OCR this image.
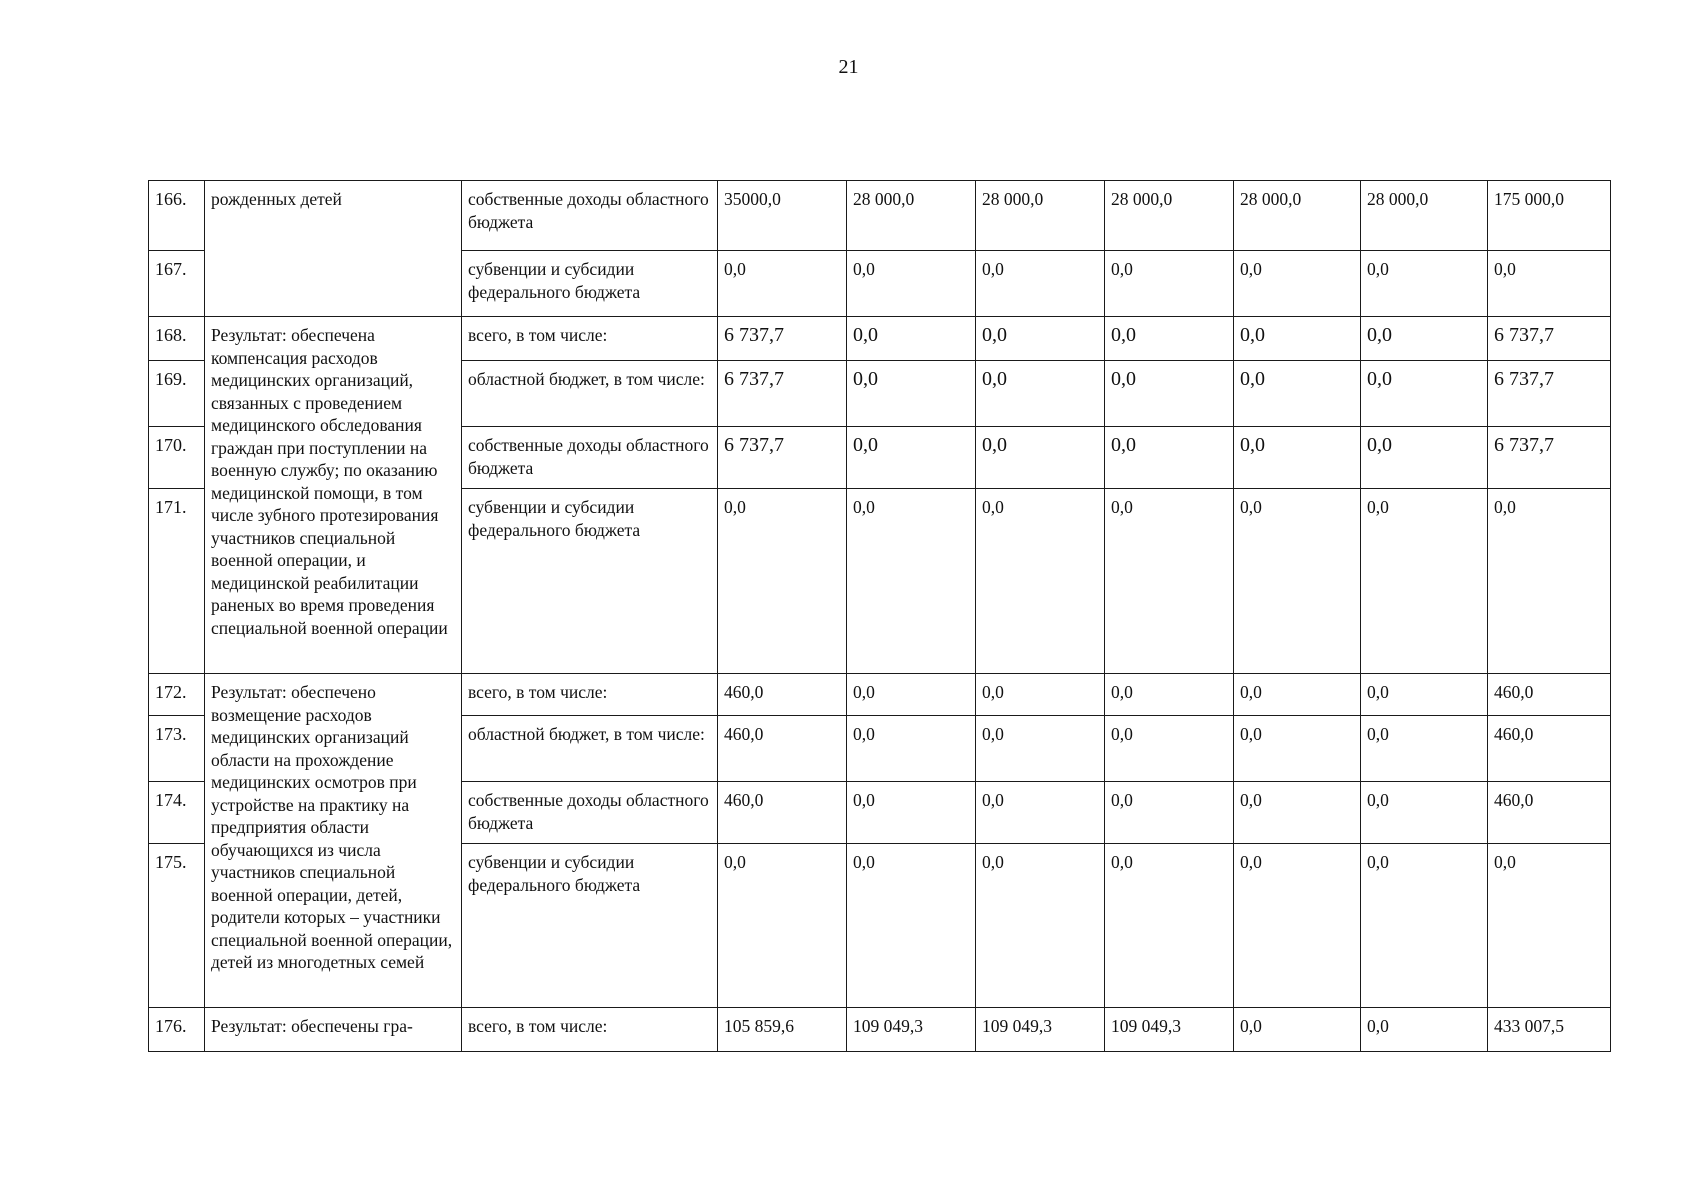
21
166.	рожденных детей	собственные доходы областного бюджета	35000,0	28 000,0	28 000,0	28 000,0	28 000,0	28 000,0	175 000,0
167.		субвенции и субсидии федерального бюджета	0,0	0,0	0,0	0,0	0,0	0,0	0,0
168.	Результат: обеспечена компенсация расходов медицинских организаций, связанных с проведением медицинского обследования граждан при поступлении на военную службу; по оказанию медицинской помощи, в том числе зубного протезирования участников специальной военной операции, и медицинской реабилитации раненых во время проведения специальной военной операции	всего, в том числе:	6 737,7	0,0	0,0	0,0	0,0	0,0	6 737,7
169.		областной бюджет, в том числе:	6 737,7	0,0	0,0	0,0	0,0	0,0	6 737,7
170.		собственные доходы областного бюджета	6 737,7	0,0	0,0	0,0	0,0	0,0	6 737,7
171.		субвенции и субсидии федерального бюджета	0,0	0,0	0,0	0,0	0,0	0,0	0,0
172.	Результат: обеспечено возмещение расходов медицинских организаций области на прохождение медицинских осмотров при устройстве на практику на предприятия области обучающихся из числа участников специальной военной операции, детей, родители которых – участники специальной военной операции, детей из многодетных семей	всего, в том числе:	460,0	0,0	0,0	0,0	0,0	0,0	460,0
173.		областной бюджет, в том числе:	460,0	0,0	0,0	0,0	0,0	0,0	460,0
174.		собственные доходы областного бюджета	460,0	0,0	0,0	0,0	0,0	0,0	460,0
175.		субвенции и субсидии федерального бюджета	0,0	0,0	0,0	0,0	0,0	0,0	0,0
176.	Результат: обеспечены гра-	всего, в том числе:	105 859,6	109 049,3	109 049,3	109 049,3	0,0	0,0	433 007,5
